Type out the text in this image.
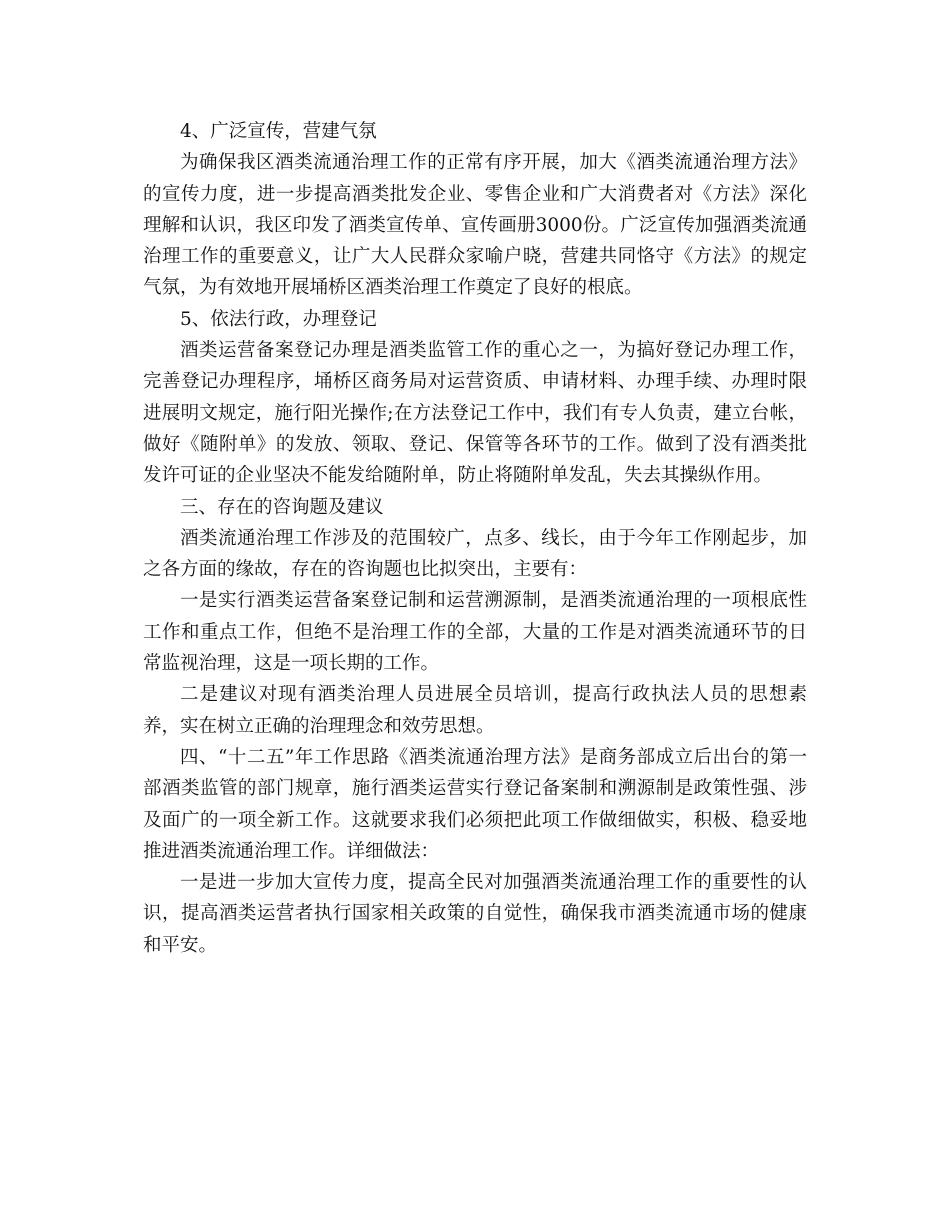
4、广泛宣传，营建气氛

为确保我区酒类流通治理工作的正常有序开展，加大《酒类流通治理方法》的宣传力度，进一步提高酒类批发企业、零售企业和广大消费者对《方法》深化理解和认识，我区印发了酒类宣传单、宣传画册3000份。广泛宣传加强酒类流通治理工作的重要意义，让广大人民群众家喻户晓，营建共同恪守《方法》的规定气氛，为有效地开展埇桥区酒类治理工作奠定了良好的根底。

5、依法行政，办理登记

酒类运营备案登记办理是酒类监管工作的重心之一，为搞好登记办理工作，完善登记办理程序，埇桥区商务局对运营资质、申请材料、办理手续、办理时限进展明文规定，施行阳光操作;在方法登记工作中，我们有专人负责，建立台帐，做好《随附单》的发放、领取、登记、保管等各环节的工作。做到了没有酒类批发许可证的企业坚决不能发给随附单，防止将随附单发乱，失去其操纵作用。

三、存在的咨询题及建议

酒类流通治理工作涉及的范围较广，点多、线长，由于今年工作刚起步，加之各方面的缘故，存在的咨询题也比拟突出，主要有：

一是实行酒类运营备案登记制和运营溯源制，是酒类流通治理的一项根底性工作和重点工作，但绝不是治理工作的全部，大量的工作是对酒类流通环节的日常监视治理，这是一项长期的工作。

二是建议对现有酒类治理人员进展全员培训，提高行政执法人员的思想素养，实在树立正确的治理理念和效劳思想。

四、“十二五”年工作思路《酒类流通治理方法》是商务部成立后出台的第一部酒类监管的部门规章，施行酒类运营实行登记备案制和溯源制是政策性强、涉及面广的一项全新工作。这就要求我们必须把此项工作做细做实，积极、稳妥地推进酒类流通治理工作。详细做法：

一是进一步加大宣传力度，提高全民对加强酒类流通治理工作的重要性的认识，提高酒类运营者执行国家相关政策的自觉性，确保我市酒类流通市场的健康和平安。
